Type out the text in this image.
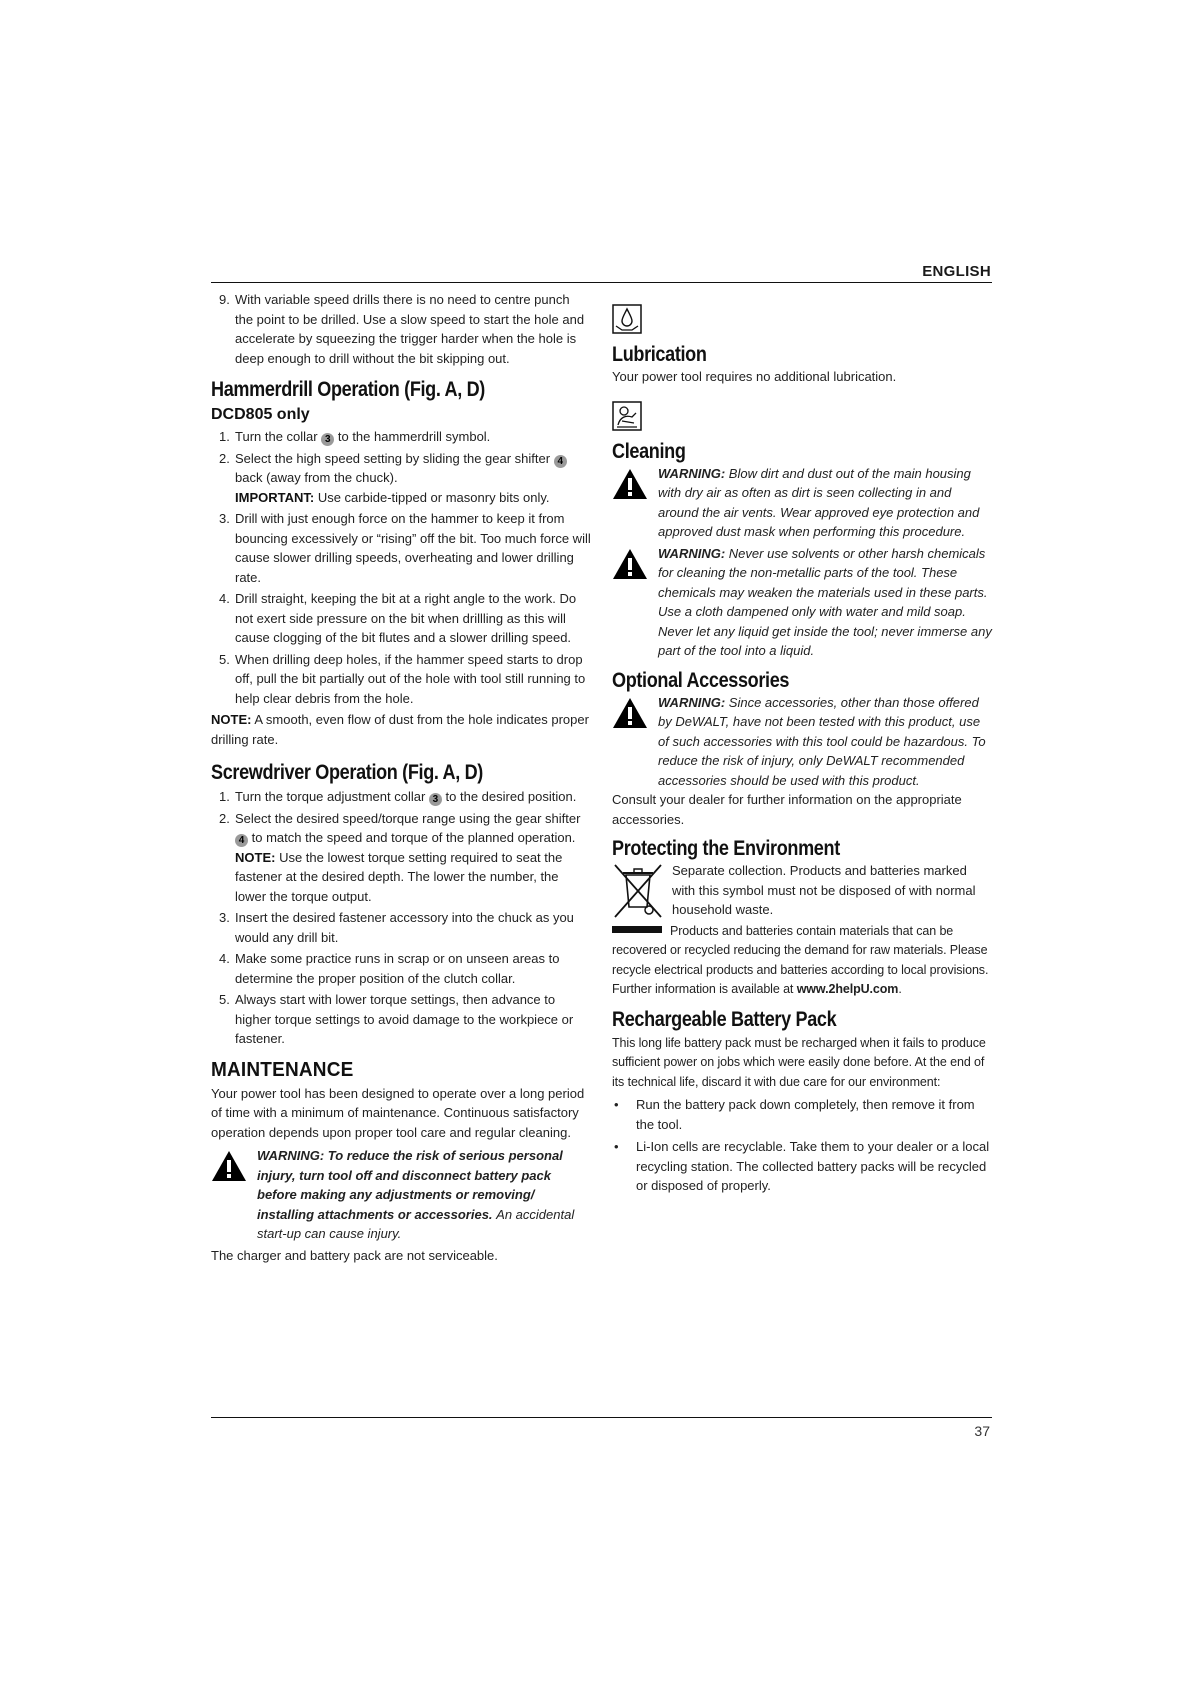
ENGLISH
9. With variable speed drills there is no need to centre punch the point to be drilled. Use a slow speed to start the hole and accelerate by squeezing the trigger harder when the hole is deep enough to drill without the bit skipping out.
Hammerdrill Operation (Fig. A, D)
DCD805 only
1. Turn the collar 3 to the hammerdrill symbol.
2. Select the high speed setting by sliding the gear shifter 4 back (away from the chuck).
IMPORTANT: Use carbide-tipped or masonry bits only.
3. Drill with just enough force on the hammer to keep it from bouncing excessively or “rising” off the bit. Too much force will cause slower drilling speeds, overheating and lower drilling rate.
4. Drill straight, keeping the bit at a right angle to the work. Do not exert side pressure on the bit when drillling as this will cause clogging of the bit flutes and a slower drilling speed.
5. When drilling deep holes, if the hammer speed starts to drop off, pull the bit partially out of the hole with tool still running to help clear debris from the hole.

NOTE: A smooth, even flow of dust from the hole indicates proper drilling rate.

Screwdriver Operation (Fig. A, D)
1. Turn the torque adjustment collar 3 to the desired position.
2. Select the desired speed/torque range using the gear shifter 4 to match the speed and torque of the planned operation.
NOTE: Use the lowest torque setting required to seat the fastener at the desired depth. The lower the number, the lower the torque output.
3. Insert the desired fastener accessory into the chuck as you would any drill bit.
4. Make some practice runs in scrap or on unseen areas to determine the proper position of the clutch collar.
5. Always start with lower torque settings, then advance to higher torque settings to avoid damage to the workpiece or fastener.
MAINTENANCE

Your power tool has been designed to operate over a long period of time with a minimum of maintenance. Continuous satisfactory operation depends upon proper tool care and regular cleaning.

WARNING: To reduce the risk of serious personal injury, turn tool off and disconnect battery pack before making any adjustments or removing/ installing attachments or accessories. An accidental start-up can cause injury.

The charger and battery pack are not serviceable.

Lubrication

Your power tool requires no additional lubrication.

Cleaning

WARNING: Blow dirt and dust out of the main housing with dry air as often as dirt is seen collecting in and around the air vents. Wear approved eye protection and approved dust mask when performing this procedure.

WARNING: Never use solvents or other harsh chemicals for cleaning the non-metallic parts of the tool. These chemicals may weaken the materials used in these parts. Use a cloth dampened only with water and mild soap. Never let any liquid get inside the tool; never immerse any part of the tool into a liquid.

Optional Accessories

WARNING: Since accessories, other than those offered by DeWALT, have not been tested with this product, use of such accessories with this tool could be hazardous. To reduce the risk of injury, only DeWALT recommended accessories should be used with this product.

Consult your dealer for further information on the appropriate accessories.

Protecting the Environment

Separate collection. Products and batteries marked with this symbol must not be disposed of with normal household waste.

Products and batteries contain materials that can be recovered or recycled reducing the demand for raw materials. Please recycle electrical products and batteries according to local provisions. Further information is available at www.2helpU.com.

Rechargeable Battery Pack

This long life battery pack must be recharged when it fails to produce sufficient power on jobs which were easily done before. At the end of its technical life, discard it with due care for our environment:

• Run the battery pack down completely, then remove it from the tool.
• Li-Ion cells are recyclable. Take them to your dealer or a local recycling station. The collected battery packs will be recycled or disposed of properly.
37
